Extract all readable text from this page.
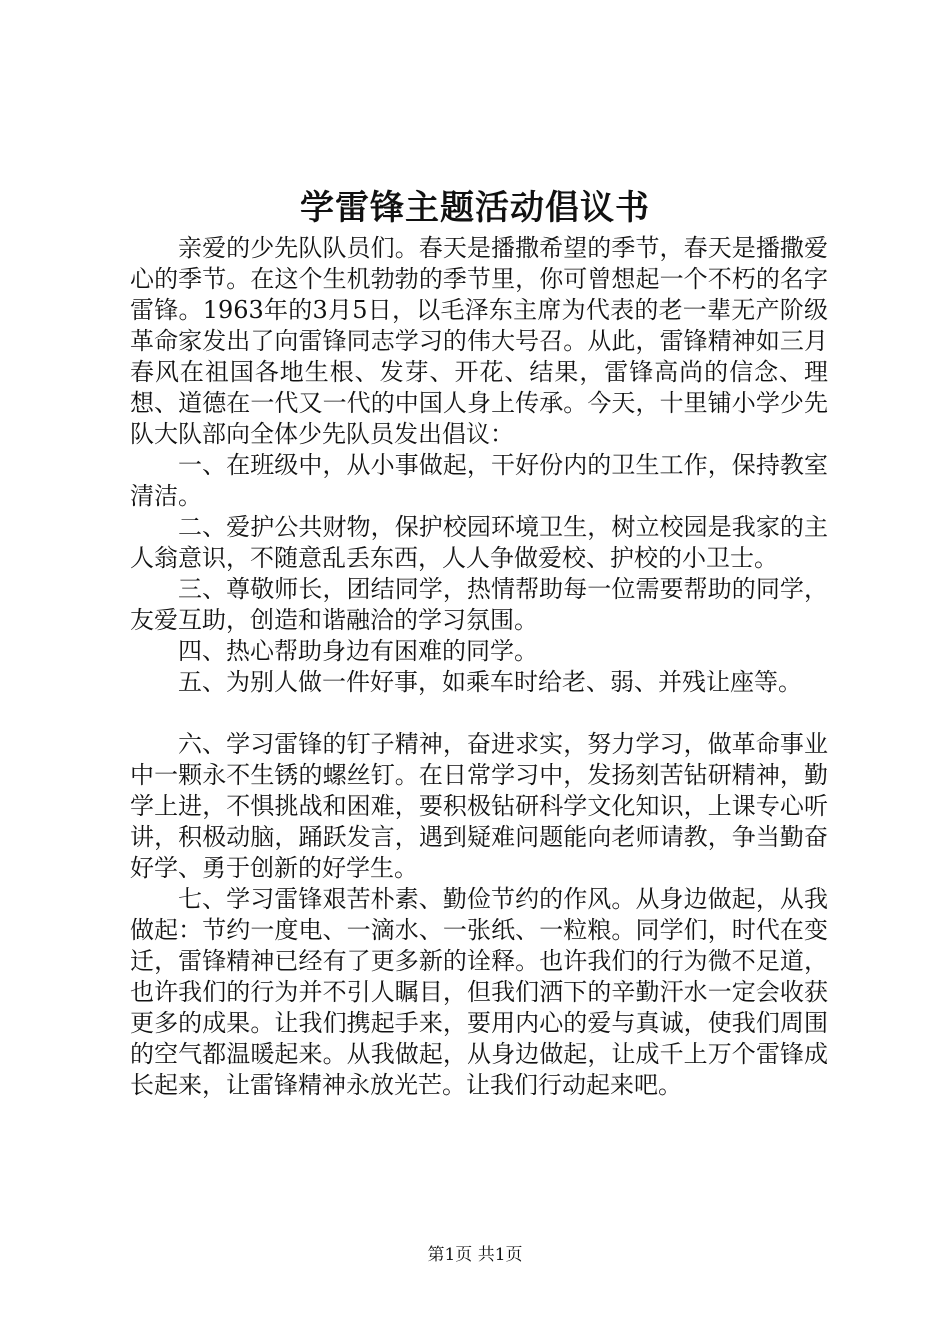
学雷锋主题活动倡议书

亲爱的少先队队员们。春天是播撒希望的季节，春天是播撒爱心的季节。在这个生机勃勃的季节里，你可曾想起一个不朽的名字雷锋。1963年的3月5日，以毛泽东主席为代表的老一辈无产阶级革命家发出了向雷锋同志学习的伟大号召。从此，雷锋精神如三月春风在祖国各地生根、发芽、开花、结果，雷锋高尚的信念、理想、道德在一代又一代的中国人身上传承。今天，十里铺小学少先队大队部向全体少先队员发出倡议：

一、在班级中，从小事做起，干好份内的卫生工作，保持教室清洁。

二、爱护公共财物，保护校园环境卫生，树立校园是我家的主人翁意识，不随意乱丢东西，人人争做爱校、护校的小卫士。

三、尊敬师长，团结同学，热情帮助每一位需要帮助的同学，友爱互助，创造和谐融洽的学习氛围。

四、热心帮助身边有困难的同学。

五、为别人做一件好事，如乘车时给老、弱、并残让座等。

六、学习雷锋的钉子精神，奋进求实，努力学习，做革命事业中一颗永不生锈的螺丝钉。在日常学习中，发扬刻苦钻研精神，勤学上进，不惧挑战和困难，要积极钻研科学文化知识，上课专心听讲，积极动脑，踊跃发言，遇到疑难问题能向老师请教，争当勤奋好学、勇于创新的好学生。

七、学习雷锋艰苦朴素、勤俭节约的作风。从身边做起，从我做起：节约一度电、一滴水、一张纸、一粒粮。同学们，时代在变迁，雷锋精神已经有了更多新的诠释。也许我们的行为微不足道，也许我们的行为并不引人瞩目，但我们洒下的辛勤汗水一定会收获更多的成果。让我们携起手来，要用内心的爱与真诚，使我们周围的空气都温暖起来。从我做起，从身边做起，让成千上万个雷锋成长起来，让雷锋精神永放光芒。让我们行动起来吧。

第1页 共1页
